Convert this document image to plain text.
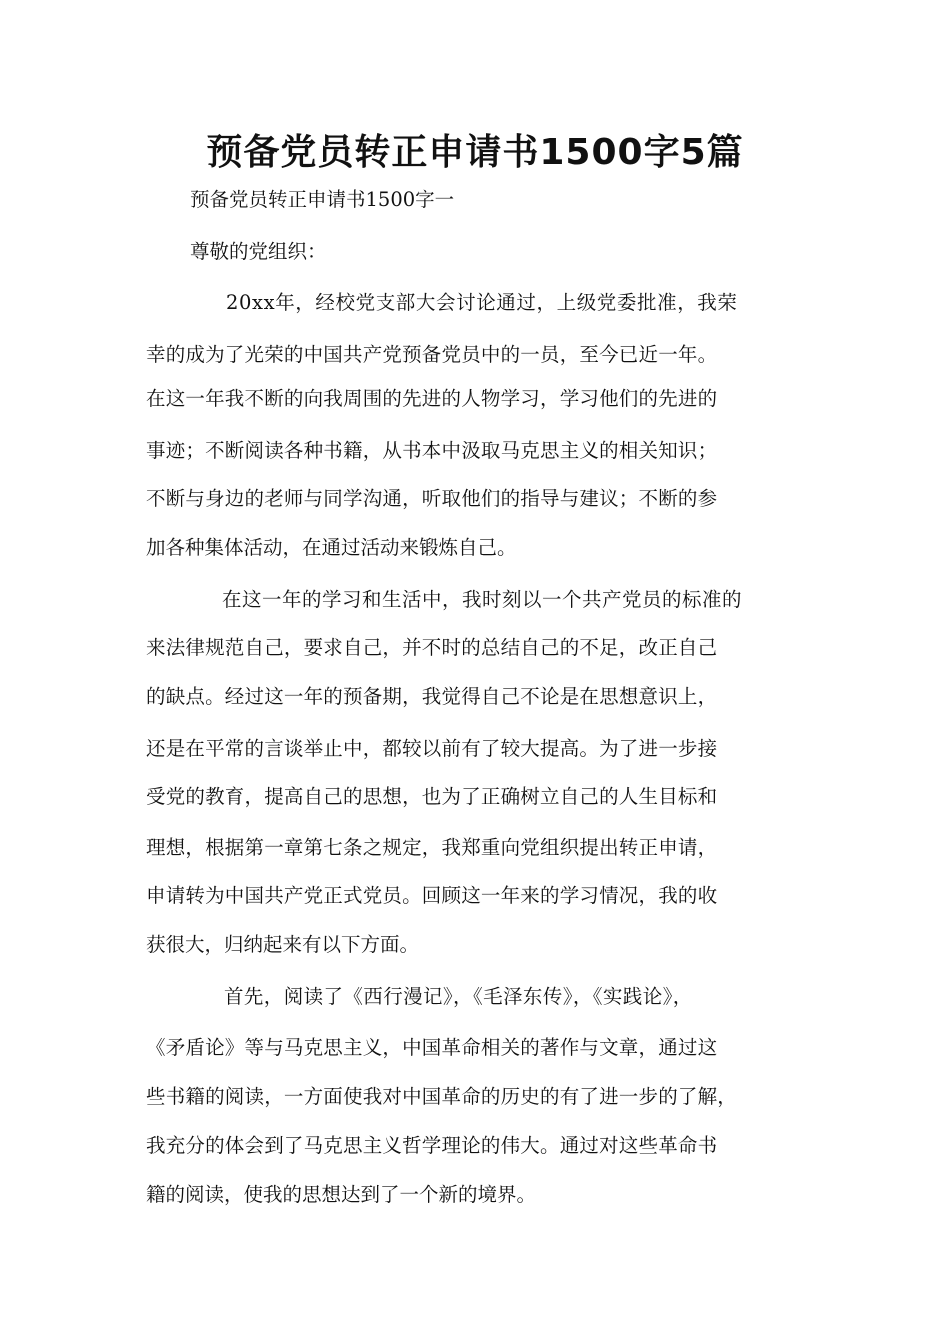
预备党员转正申请书1500字5篇
预备党员转正申请书1500字一
尊敬的党组织：
20xx年，经校党支部大会讨论通过，上级党委批准，我荣
幸的成为了光荣的中国共产党预备党员中的一员，至今已近一年。
在这一年我不断的向我周围的先进的人物学习，学习他们的先进的
事迹；不断阅读各种书籍，从书本中汲取马克思主义的相关知识；
不断与身边的老师与同学沟通，听取他们的指导与建议；不断的参
加各种集体活动，在通过活动来锻炼自己。
在这一年的学习和生活中，我时刻以一个共产党员的标准的
来法律规范自己，要求自己，并不时的总结自己的不足，改正自己
的缺点。经过这一年的预备期，我觉得自己不论是在思想意识上，
还是在平常的言谈举止中，都较以前有了较大提高。为了进一步接
受党的教育，提高自己的思想，也为了正确树立自己的人生目标和
理想，根据第一章第七条之规定，我郑重向党组织提出转正申请，
申请转为中国共产党正式党员。回顾这一年来的学习情况，我的收
获很大，归纳起来有以下方面。
首先，阅读了《西行漫记》，《毛泽东传》，《实践论》，
《矛盾论》等与马克思主义，中国革命相关的著作与文章，通过这
些书籍的阅读，一方面使我对中国革命的历史的有了进一步的了解，
我充分的体会到了马克思主义哲学理论的伟大。通过对这些革命书
籍的阅读，使我的思想达到了一个新的境界。
